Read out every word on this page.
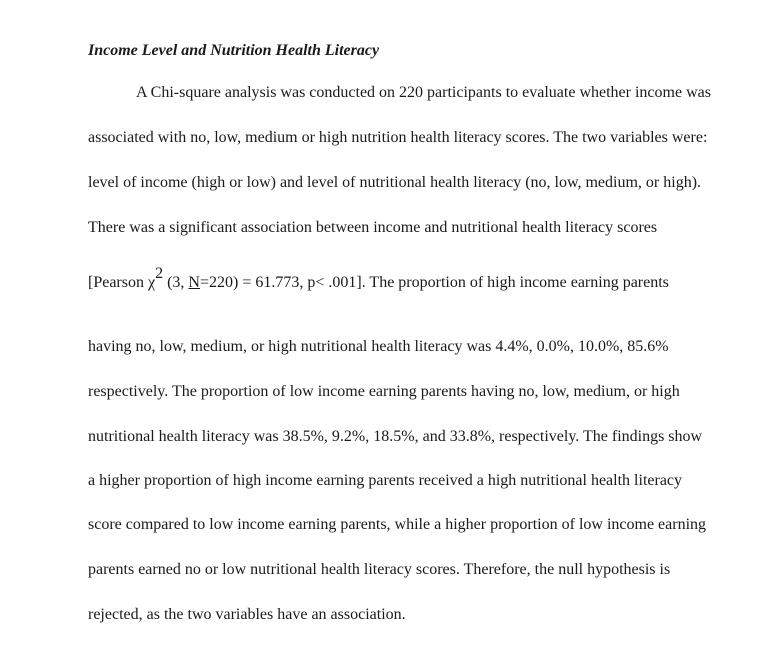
Income Level and Nutrition Health Literacy

A Chi-square analysis was conducted on 220 participants to evaluate whether income was

associated with no, low, medium or high nutrition health literacy scores. The two variables were:

level of income (high or low) and level of nutritional health literacy (no, low, medium, or high).

There was a significant association between income and nutritional health literacy scores

[Pearson $\chi^2$ (3, N=220) = 61.773, p< .001]. The proportion of high income earning parents

having no, low, medium, or high nutritional health literacy was 4.4%, 0.0%, 10.0%, 85.6%

respectively. The proportion of low income earning parents having no, low, medium, or high

nutritional health literacy was 38.5%, 9.2%, 18.5%, and 33.8%, respectively. The findings show

a higher proportion of high income earning parents received a high nutritional health literacy

score compared to low income earning parents, while a higher proportion of low income earning

parents earned no or low nutritional health literacy scores. Therefore, the null hypothesis is

rejected, as the two variables have an association.
